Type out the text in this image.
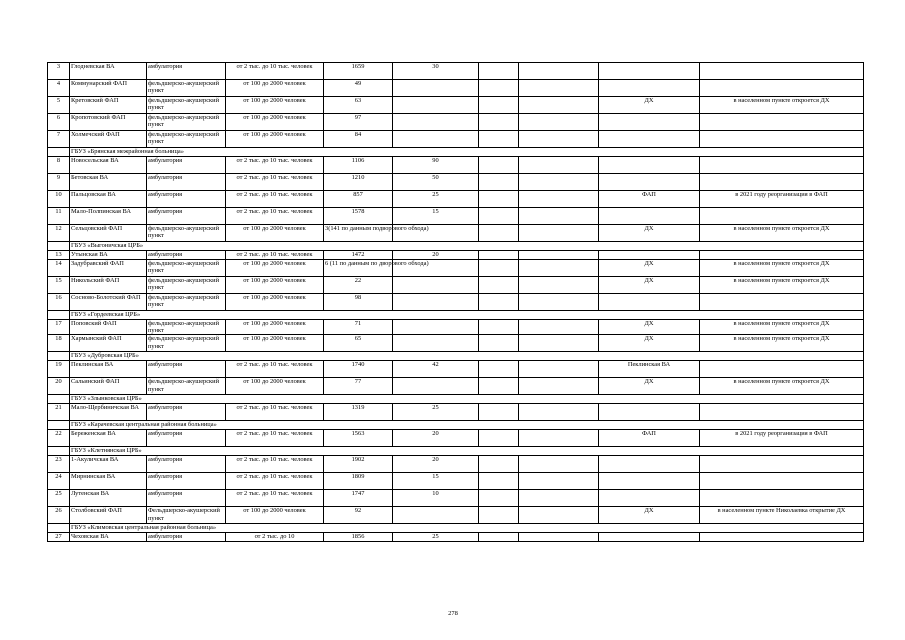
3	Глодневская ВА	амбулатория	от 2 тыс. до 10 тыс. человек	1659	30				

4	Коммунарский ФАП	фельдшерско-акушерский пункт	от 100 до 2000 человек	49					

5	Кретовский ФАП	фельдшерско-акушерский пункт	от 100 до 2000 человек	63				ДХ	в населенном пункте откроется ДХ

6	Кропотовский ФАП	фельдшерско-акушерский пункт	от 100 до 2000 человек	97					

7	Холмечский ФАП	фельдшерско-акушерский пункт	от 100 до 2000 человек	84					

	ГБУЗ «Брянская межрайонная больница»								

8	Новосельская ВА	амбулатория	от 2 тыс. до 10 тыс. человек	1106	90				

9	Бетовская ВА	амбулатория	от 2 тыс. до 10 тыс. человек	1210	50				

10	Пальцовская ВА	амбулатория	от 2 тыс. до 10 тыс. человек	857	25			ФАП	в 2021 году реорганизация в ФАП

11	Мало-Полпинская ВА	амбулатория	от 2 тыс. до 10 тыс. человек	1578	15				

12	Сельцовский ФАП	фельдшерско-акушерский пункт	от 100 до 2000 человек	3(141 по данным подворового обхода)				ДХ	в населенном пункте откроется ДХ

	ГБУЗ «Выгоничская ЦРБ»								

13	Утынская ВА	амбулатория	от 2 тыс. до 10 тыс. человек	1472	20				

14	Задубравский ФАП	фельдшерско-акушерский пункт	от 100 до 2000 человек	6 (11 по данным по дворового обхода)				ДХ	в населенном пункте откроется ДХ

15	Никольский ФАП	фельдшерско-акушерский пункт	от 100 до 2000 человек	22				ДХ	в населенном пункте откроется ДХ

16	Сосново-Болотский ФАП	фельдшерско-акушерский пункт	от 100 до 2000 человек	98					

	ГБУЗ «Гордеевская ЦРБ»								

17	Поповский ФАП	фельдшерско-акушерский пункт	от 100 до 2000 человек	71				ДХ	в населенном пункте откроется ДХ

18	Хармынский ФАП	фельдшерско-акушерский пункт	от 100 до 2000 человек	65				ДХ	в населенном пункте откроется ДХ

	ГБУЗ «Дубровская ЦРБ»								

19	Пеклинская ВА	амбулатория	от 2 тыс. до 10 тыс. человек	1740	42			Пеклинская ВА	

20	Сальинский ФАП	фельдшерско-акушерский пункт	от 100 до 2000 человек	77				ДХ	в населенном пункте откроется ДХ

	ГБУЗ «Злынковская ЦРБ»								

21	Мало-Щербиничская ВА	амбулатория	от 2 тыс. до 10 тыс. человек	1319	25				

	ГБУЗ «Карачевская центральная районная больница»								

22	Береженская ВА	амбулатория	от 2 тыс. до 10 тыс. человек	1563	20			ФАП	в 2021 году реорганизация в ФАП

	ГБУЗ «Клетнянская ЦРБ»								

23	1-Акуличская ВА	амбулатория	от 2 тыс. до 10 тыс. человек	1902	20				

24	Мирнинская ВА	амбулатория	от 2 тыс. до 10 тыс. человек	1809	15				

25	Лутенская ВА	амбулатория	от 2 тыс. до 10 тыс. человек	1747	10				

26	Столбовский ФАП	Фельдшерско-акушерский пункт	от 100 до 2000 человек	92				ДХ	в населенном пункте Николаевка открытие ДХ

	ГБУЗ «Климовская центральная районная больница»								

27	Чеховская ВА	амбулатория	от 2 тыс. до 10	1856	25				

278
